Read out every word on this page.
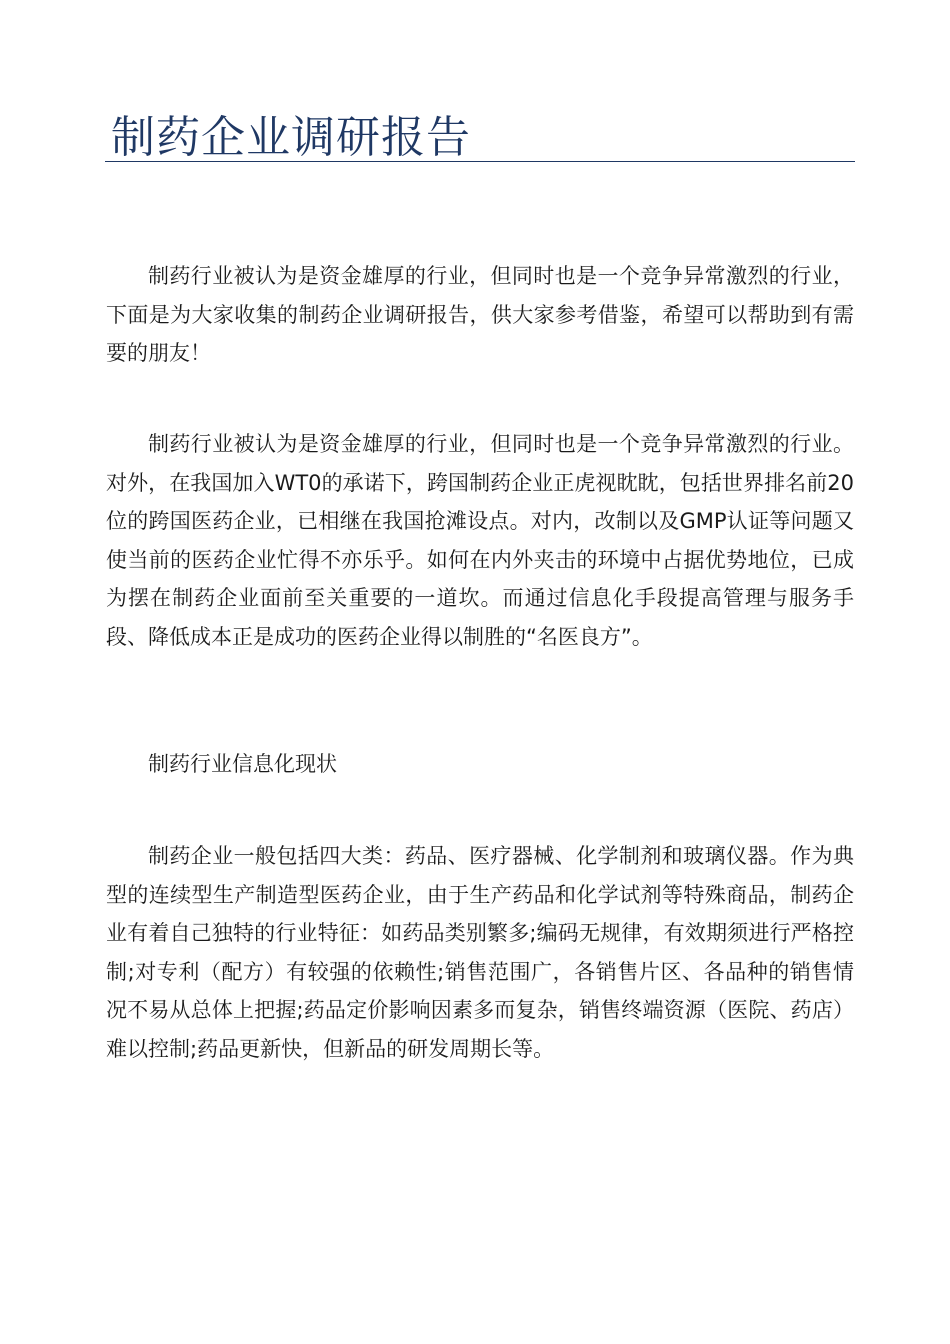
制药企业调研报告

制药行业被认为是资金雄厚的行业，但同时也是一个竞争异常激烈的行业，下面是为大家收集的制药企业调研报告，供大家参考借鉴，希望可以帮助到有需要的朋友！

制药行业被认为是资金雄厚的行业，但同时也是一个竞争异常激烈的行业。对外，在我国加入WT0的承诺下，跨国制药企业正虎视眈眈，包括世界排名前20位的跨国医药企业，已相继在我国抢滩设点。对内，改制以及GMP认证等问题又使当前的医药企业忙得不亦乐乎。如何在内外夹击的环境中占据优势地位，已成为摆在制药企业面前至关重要的一道坎。而通过信息化手段提高管理与服务手段、降低成本正是成功的医药企业得以制胜的“名医良方”。

制药行业信息化现状

制药企业一般包括四大类：药品、医疗器械、化学制剂和玻璃仪器。作为典型的连续型生产制造型医药企业，由于生产药品和化学试剂等特殊商品，制药企业有着自己独特的行业特征：如药品类别繁多;编码无规律，有效期须进行严格控制;对专利（配方）有较强的依赖性;销售范围广，各销售片区、各品种的销售情况不易从总体上把握;药品定价影响因素多而复杂，销售终端资源（医院、药店）难以控制;药品更新快，但新品的研发周期长等。
